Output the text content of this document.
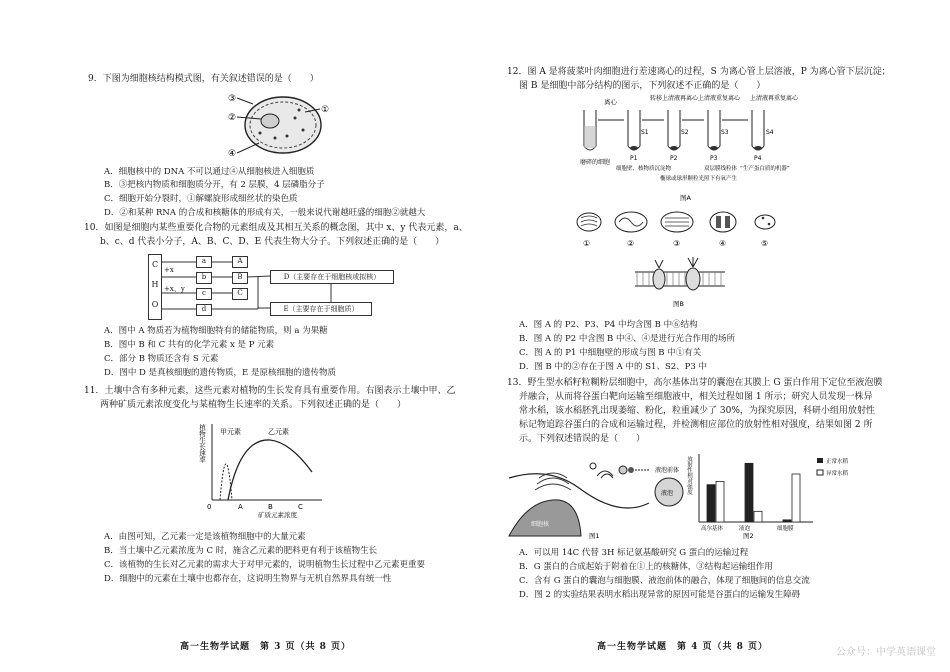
9．下图为细胞核结构模式图，有关叙述错误的是（　　）
③
②
①
④
A．细胞核中的 DNA 不可以通过④从细胞核进入细胞质
B．③把核内物质和细胞质分开，有 2 层膜，4 层磷脂分子
C．细胞开始分裂时，①解螺旋形成细丝状的染色质
D．②和某种 RNA 的合成和核糖体的形成有关，一般来说代谢越旺盛的细胞②就越大
10．如图是细胞内某些重要化合物的元素组成及其相互关系的概念图，其中 x、y 代表元素，a、
b、c、d 代表小分子，A、B、C、D、E 代表生物大分子。下列叙述正确的是（　　）
C
H
O
+x
+x、y
a
b
c
d
A
B
C
D（主要存在于细胞核或拟核）
E（主要存在于细胞质）
A．图中 A 物质若为植物细胞特有的储能物质，则 a 为果糖
B．图中 B 和 C 共有的化学元素 x 是 P 元素
C．部分 B 物质还含有 S 元素
D．图中 D 是真核细胞的遗传物质，E 是原核细胞的遗传物质
11．土壤中含有多种元素，这些元素对植物的生长发育具有重要作用。右图表示土壤中甲、乙
两种矿质元素浓度变化与某植物生长速率的关系。下列叙述正确的是（　　）
植物生长速率 甲元素	乙元素
0	A	B	C
矿质元素浓度
A．由图可知，乙元素一定是该植物细胞中的大量元素
B．当土壤中乙元素浓度为 C 时，施含乙元素的肥料更有利于该植物生长
C．该植物的生长对乙元素的需求大于对甲元素的，说明植物生长过程中乙元素更重要
D．细胞中的元素在土壤中也都存在，这说明生物界与无机自然界具有统一性
高一生物学试题　第 3 页（共 8 页）
12．图 A 是将菠菜叶肉细胞进行差速离心的过程，S 为离心管上层溶液，P 为离心管下层沉淀；
图 B 是细胞中部分结构的图示，下列叙述不正确的是（　　）
离心	转移上清液再离心 上清液重复离心 上清液再重复离心
S1	S2	S3	S4
P1	P2	P3	P4
磨碎的细胞
细胞壁、核物质沉淀物
椭球或球形颗粒光照下有氧产生
双层膜线粒体 “生产蛋白质的机器”
图A
①	②	③	④	⑤
图B
A．图 A 的 P2、P3、P4 中均含图 B 中⑥结构
B．图 A 的 P2 中含图 B 中④、④是进行光合作用的场所
C．图 A 的 P1 中细胞壁的形成与图 B 中①有关
D．图 B 中的②存在于图 A 中的 S1、S2、P3 中
13．野生型水稻籽粒糊粉层细胞中，高尔基体出芽的囊泡在其膜上 G 蛋白作用下定位至液泡膜
并融合，从而将谷蛋白靶向运输至细胞液中，相关过程如图 1 所示；研究人员发现一株异
常水稻，该水稻胚乳出现萎缩、粉化，粒重减少了 30%，为探究原因，科研小组用放射性
标记物追踪谷蛋白的合成和运输过程，并检测相应部位的放射性相对强度，结果如图 2 所
示。下列叙述错误的是（　　）
细胞核
液泡前体
液泡
图1
放射性相对强度	正常水稻
异常水稻
高尔基体	液泡	细胞膜
图2
A．可以用 14C 代替 3H 标记氨基酸研究 G 蛋白的运输过程
B．G 蛋白的合成起始于附着在①上的核糖体，③结构起运输组作用
C．含有 G 蛋白的囊泡与细胞膜、液泡前体的融合，体现了细胞间的信息交流
D．图 2 的实验结果表明水稻出现异常的原因可能是谷蛋白的运输发生障碍
高一生物学试题　第 4 页（共 8 页）	公众号：中学英语课堂
